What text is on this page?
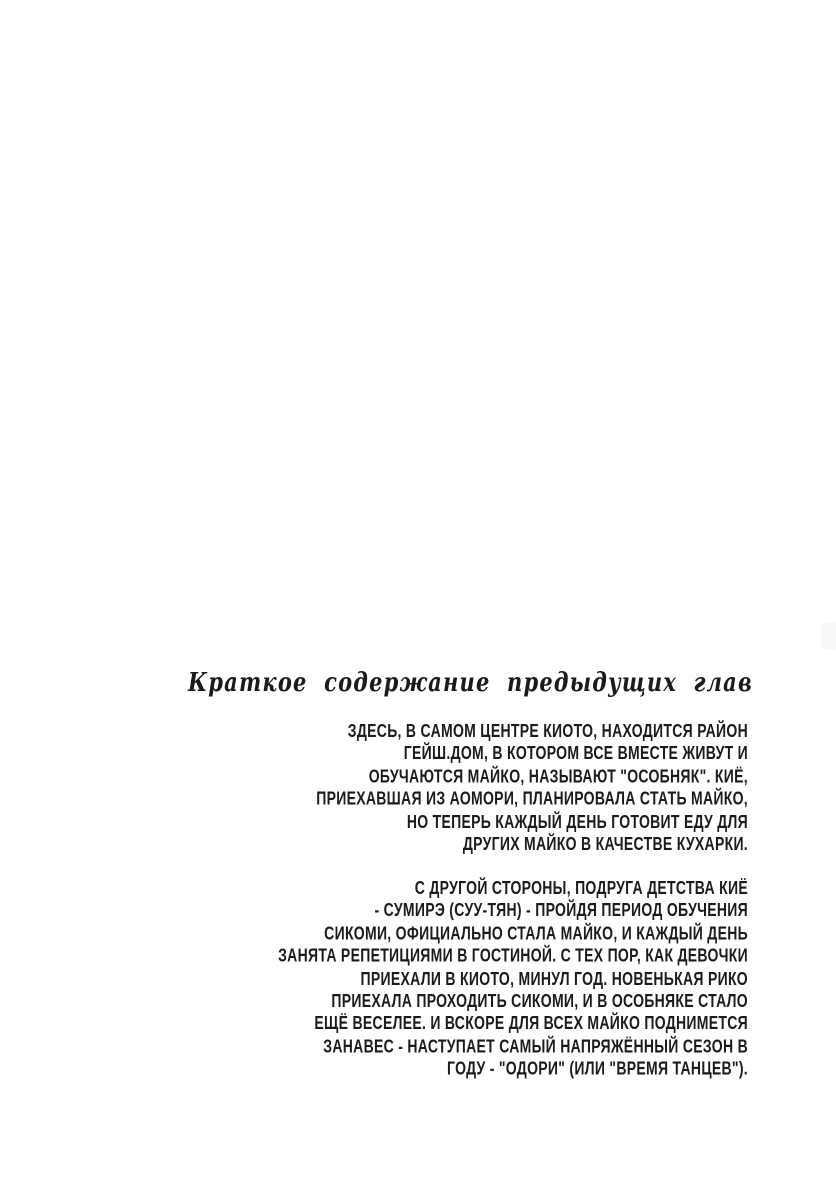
Краткое содержание предыдущих глав
ЗДЕСЬ, В САМОМ ЦЕНТРЕ КИОТО, НАХОДИТСЯ РАЙОН
ГЕЙШ.ДОМ, В КОТОРОМ ВСЕ ВМЕСТЕ ЖИВУТ И
ОБУЧАЮТСЯ МАЙКО, НАЗЫВАЮТ "ОСОБНЯК". КИЁ,
ПРИЕХАВШАЯ ИЗ АОМОРИ, ПЛАНИРОВАЛА СТАТЬ МАЙКО,
НО ТЕПЕРЬ КАЖДЫЙ ДЕНЬ ГОТОВИТ ЕДУ ДЛЯ
ДРУГИХ МАЙКО В КАЧЕСТВЕ КУХАРКИ.
С ДРУГОЙ СТОРОНЫ, ПОДРУГА ДЕТСТВА КИЁ
- СУМИРЭ (СУУ-ТЯН) - ПРОЙДЯ ПЕРИОД ОБУЧЕНИЯ
СИКОМИ, ОФИЦИАЛЬНО СТАЛА МАЙКО, И КАЖДЫЙ ДЕНЬ
ЗАНЯТА РЕПЕТИЦИЯМИ В ГОСТИНОЙ. С ТЕХ ПОР, КАК ДЕВОЧКИ
ПРИЕХАЛИ В КИОТО, МИНУЛ ГОД. НОВЕНЬКАЯ РИКО
ПРИЕХАЛА ПРОХОДИТЬ СИКОМИ, И В ОСОБНЯКЕ СТАЛО
ЕЩЁ ВЕСЕЛЕЕ. И ВСКОРЕ ДЛЯ ВСЕХ МАЙКО ПОДНИМЕТСЯ
ЗАНАВЕС - НАСТУПАЕТ САМЫЙ НАПРЯЖЁННЫЙ СЕЗОН В
ГОДУ - "ОДОРИ" (ИЛИ "ВРЕМЯ ТАНЦЕВ").
